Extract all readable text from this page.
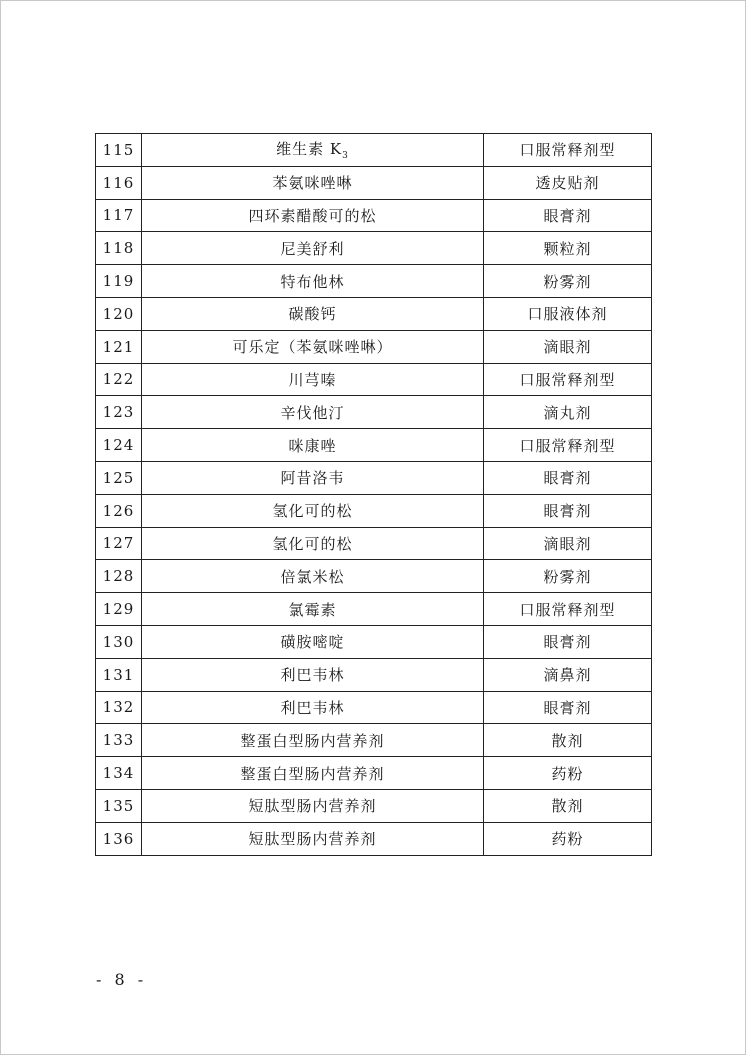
115	维生素 $K_3$	口服常释剂型
116	苯氨咪唑啉	透皮贴剂
117	四环素醋酸可的松	眼膏剂
118	尼美舒利	颗粒剂
119	特布他林	粉雾剂
120	碳酸钙	口服液体剂
121	可乐定（苯氨咪唑啉）	滴眼剂
122	川芎嗪	口服常释剂型
123	辛伐他汀	滴丸剂
124	咪康唑	口服常释剂型
125	阿昔洛韦	眼膏剂
126	氢化可的松	眼膏剂
127	氢化可的松	滴眼剂
128	倍氯米松	粉雾剂
129	氯霉素	口服常释剂型
130	磺胺嘧啶	眼膏剂
131	利巴韦林	滴鼻剂
132	利巴韦林	眼膏剂
133	整蛋白型肠内营养剂	散剂
134	整蛋白型肠内营养剂	药粉
135	短肽型肠内营养剂	散剂
136	短肽型肠内营养剂	药粉
- 8 -
